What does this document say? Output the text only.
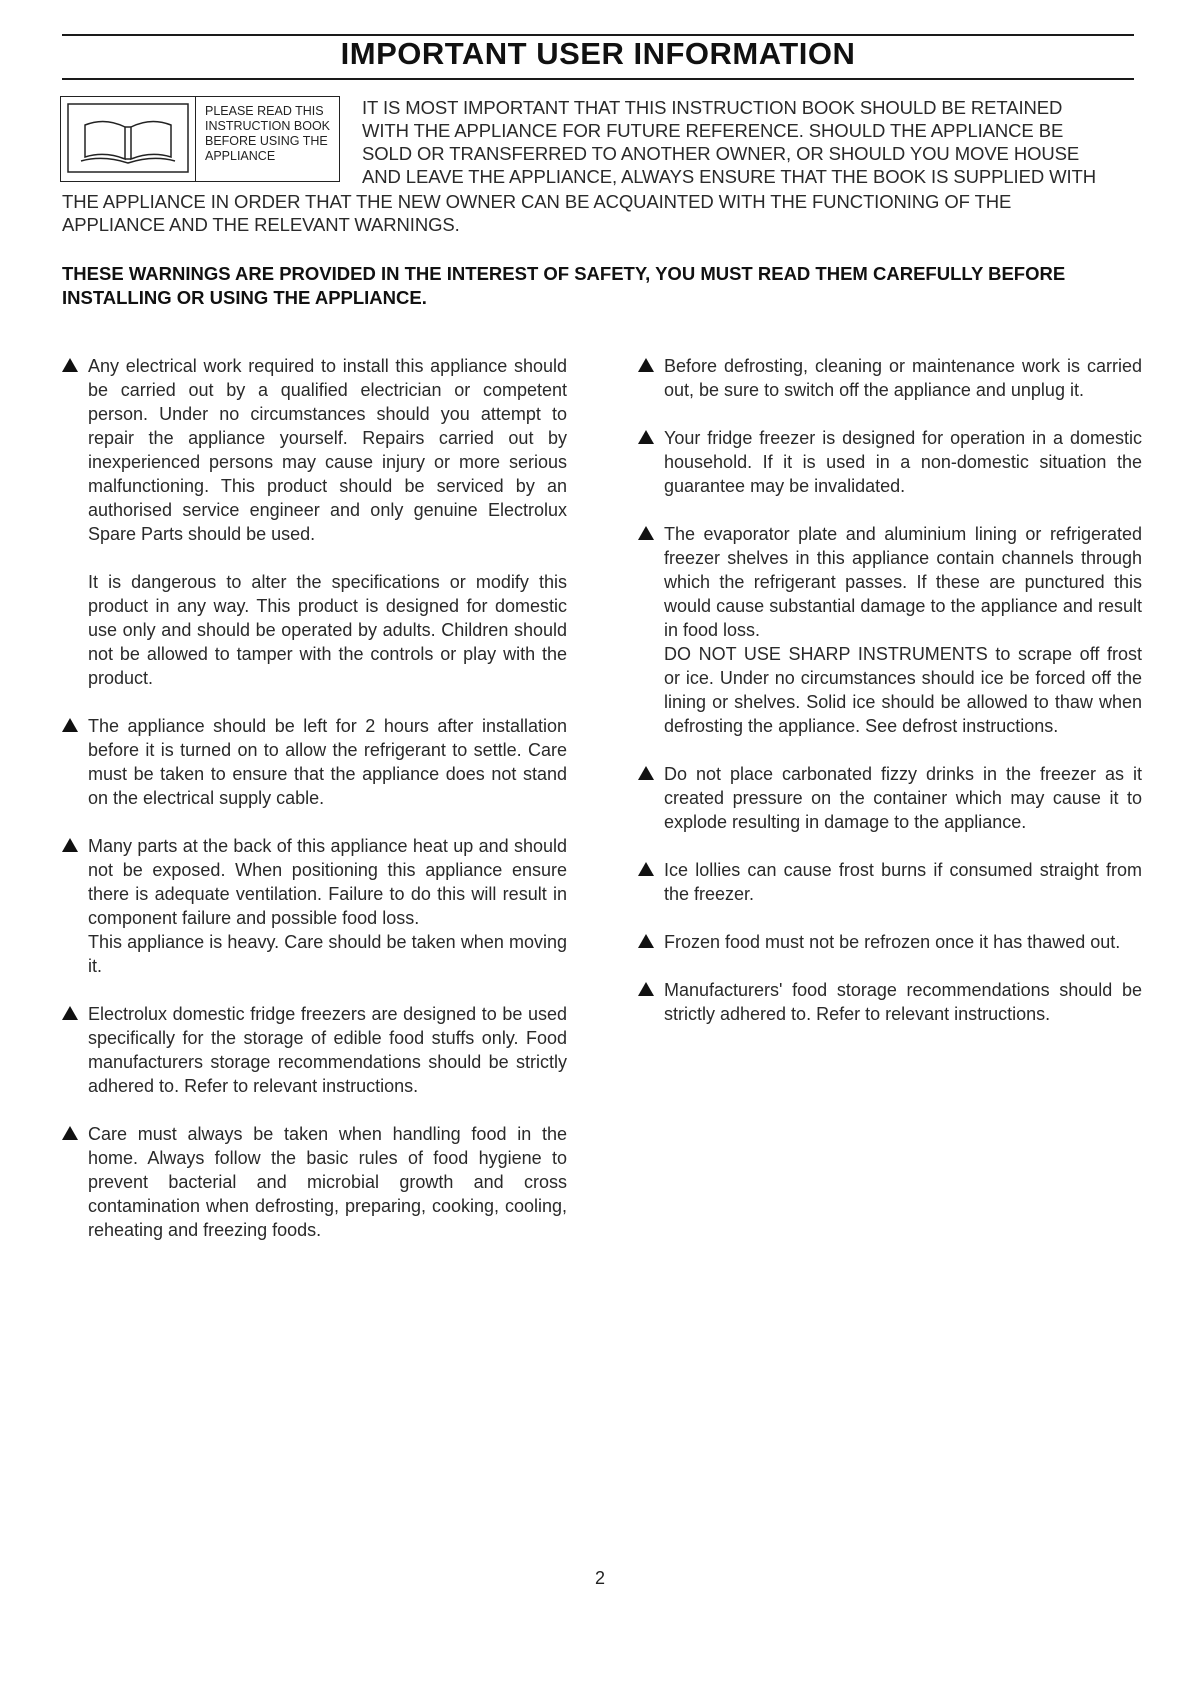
IMPORTANT USER INFORMATION
PLEASE READ THIS INSTRUCTION BOOK BEFORE USING THE APPLIANCE
IT IS MOST IMPORTANT THAT THIS INSTRUCTION BOOK SHOULD BE RETAINED
WITH THE APPLIANCE FOR FUTURE REFERENCE. SHOULD THE APPLIANCE BE
SOLD OR TRANSFERRED TO ANOTHER OWNER, OR SHOULD YOU MOVE HOUSE
AND LEAVE THE APPLIANCE, ALWAYS ENSURE THAT THE BOOK IS SUPPLIED WITH
THE APPLIANCE IN ORDER THAT THE NEW OWNER CAN BE ACQUAINTED WITH THE FUNCTIONING OF THE
APPLIANCE AND THE RELEVANT WARNINGS.
THESE WARNINGS ARE PROVIDED IN THE INTEREST OF SAFETY, YOU MUST READ THEM CAREFULLY BEFORE INSTALLING OR USING THE APPLIANCE.

Any electrical work required to install this appliance should be carried out by a qualified electrician or competent person. Under no circumstances should you attempt to repair the appliance yourself. Repairs carried out by inexperienced persons may cause injury or more serious malfunctioning. This product should be serviced by an authorised service engineer and only genuine Electrolux Spare Parts should be used.

It is dangerous to alter the specifications or modify this product in any way. This product is designed for domestic use only and should be operated by adults. Children should not be allowed to tamper with the controls or play with the product.

The appliance should be left for 2 hours after installation before it is turned on to allow the refrigerant to settle. Care must be taken to ensure that the appliance does not stand on the electrical supply cable.

Many parts at the back of this appliance heat up and should not be exposed. When positioning this appliance ensure there is adequate ventilation. Failure to do this will result in component failure and possible food loss.

This appliance is heavy. Care should be taken when moving it.

Electrolux domestic fridge freezers are designed to be used specifically for the storage of edible food stuffs only. Food manufacturers storage recommendations should be strictly adhered to. Refer to relevant instructions.

Care must always be taken when handling food in the home. Always follow the basic rules of food hygiene to prevent bacterial and microbial growth and cross contamination when defrosting, preparing, cooking, cooling, reheating and freezing foods.

Before defrosting, cleaning or maintenance work is carried out, be sure to switch off the appliance and unplug it.

Your fridge freezer is designed for operation in a domestic household. If it is used in a non-domestic situation the guarantee may be invalidated.

The evaporator plate and aluminium lining or refrigerated freezer shelves in this appliance contain channels through which the refrigerant passes. If these are punctured this would cause substantial damage to the appliance and result in food loss.

DO NOT USE SHARP INSTRUMENTS to scrape off frost or ice. Under no circumstances should ice be forced off the lining or shelves. Solid ice should be allowed to thaw when defrosting the appliance. See defrost instructions.

Do not place carbonated fizzy drinks in the freezer as it created pressure on the container which may cause it to explode resulting in damage to the appliance.

Ice lollies can cause frost burns if consumed straight from the freezer.

Frozen food must not be refrozen once it has thawed out.

Manufacturers' food storage recommendations should be strictly adhered to. Refer to relevant instructions.

2
